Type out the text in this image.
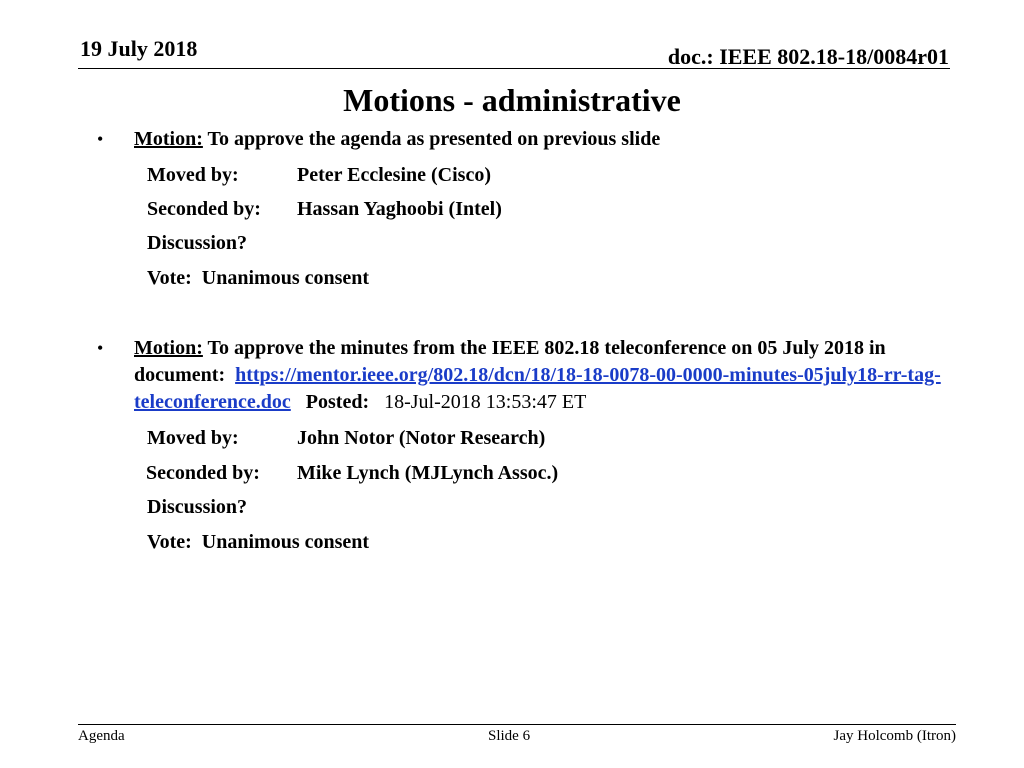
19 July 2018	doc.: IEEE 802.18-18/0084r01
Motions - administrative
• Motion: To approve the agenda as presented on previous slide
Moved by:	Peter Ecclesine (Cisco)
Seconded by: Hassan Yaghoobi (Intel)
Discussion?
Vote:  Unanimous consent
• Motion: To approve the minutes from the IEEE 802.18 teleconference on 05 July 2018 in document: https://mentor.ieee.org/802.18/dcn/18/18-18-0078-00-0000-minutes-05july18-rr-tag-teleconference.doc Posted: 18-Jul-2018 13:53:47 ET
Moved by:	John Notor (Notor Research)
Seconded by: Mike Lynch (MJLynch Assoc.)
Discussion?
Vote:  Unanimous consent
Agenda	Slide 6	Jay Holcomb (Itron)
